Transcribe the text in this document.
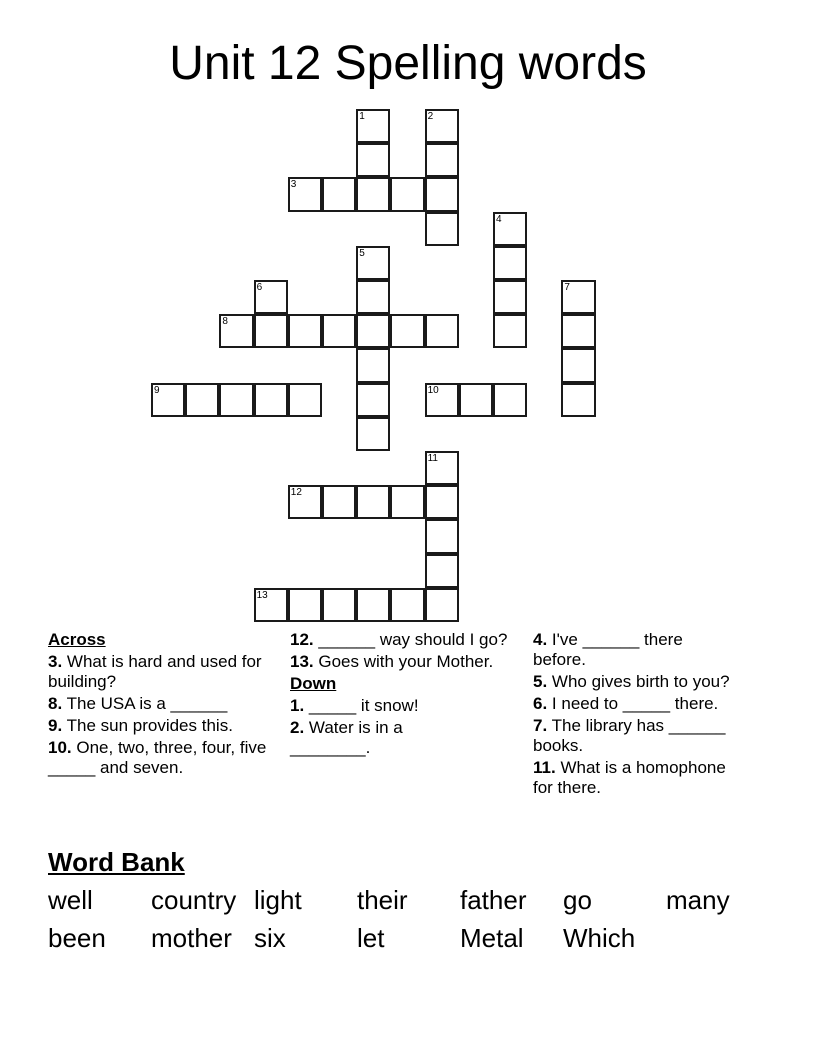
Unit 12 Spelling words
1	2
3
4
5
6	7
8
9	10
11
12
13

Across

3. What is hard and used for building?

8. The USA is a ______

9. The sun provides this.

10. One, two, three, four, five _____ and seven.

12. ______ way should I go?

13. Goes with your Mother.

Down

1. _____ it snow!

2. Water is in a ________.

4. I've ______ there before.

5. Who gives birth to you?

6. I need to _____ there.

7. The library has ______ books.

11. What is a homophone for there.

Word Bank
well country light their father go	many
been mother six	let	Metal Which
